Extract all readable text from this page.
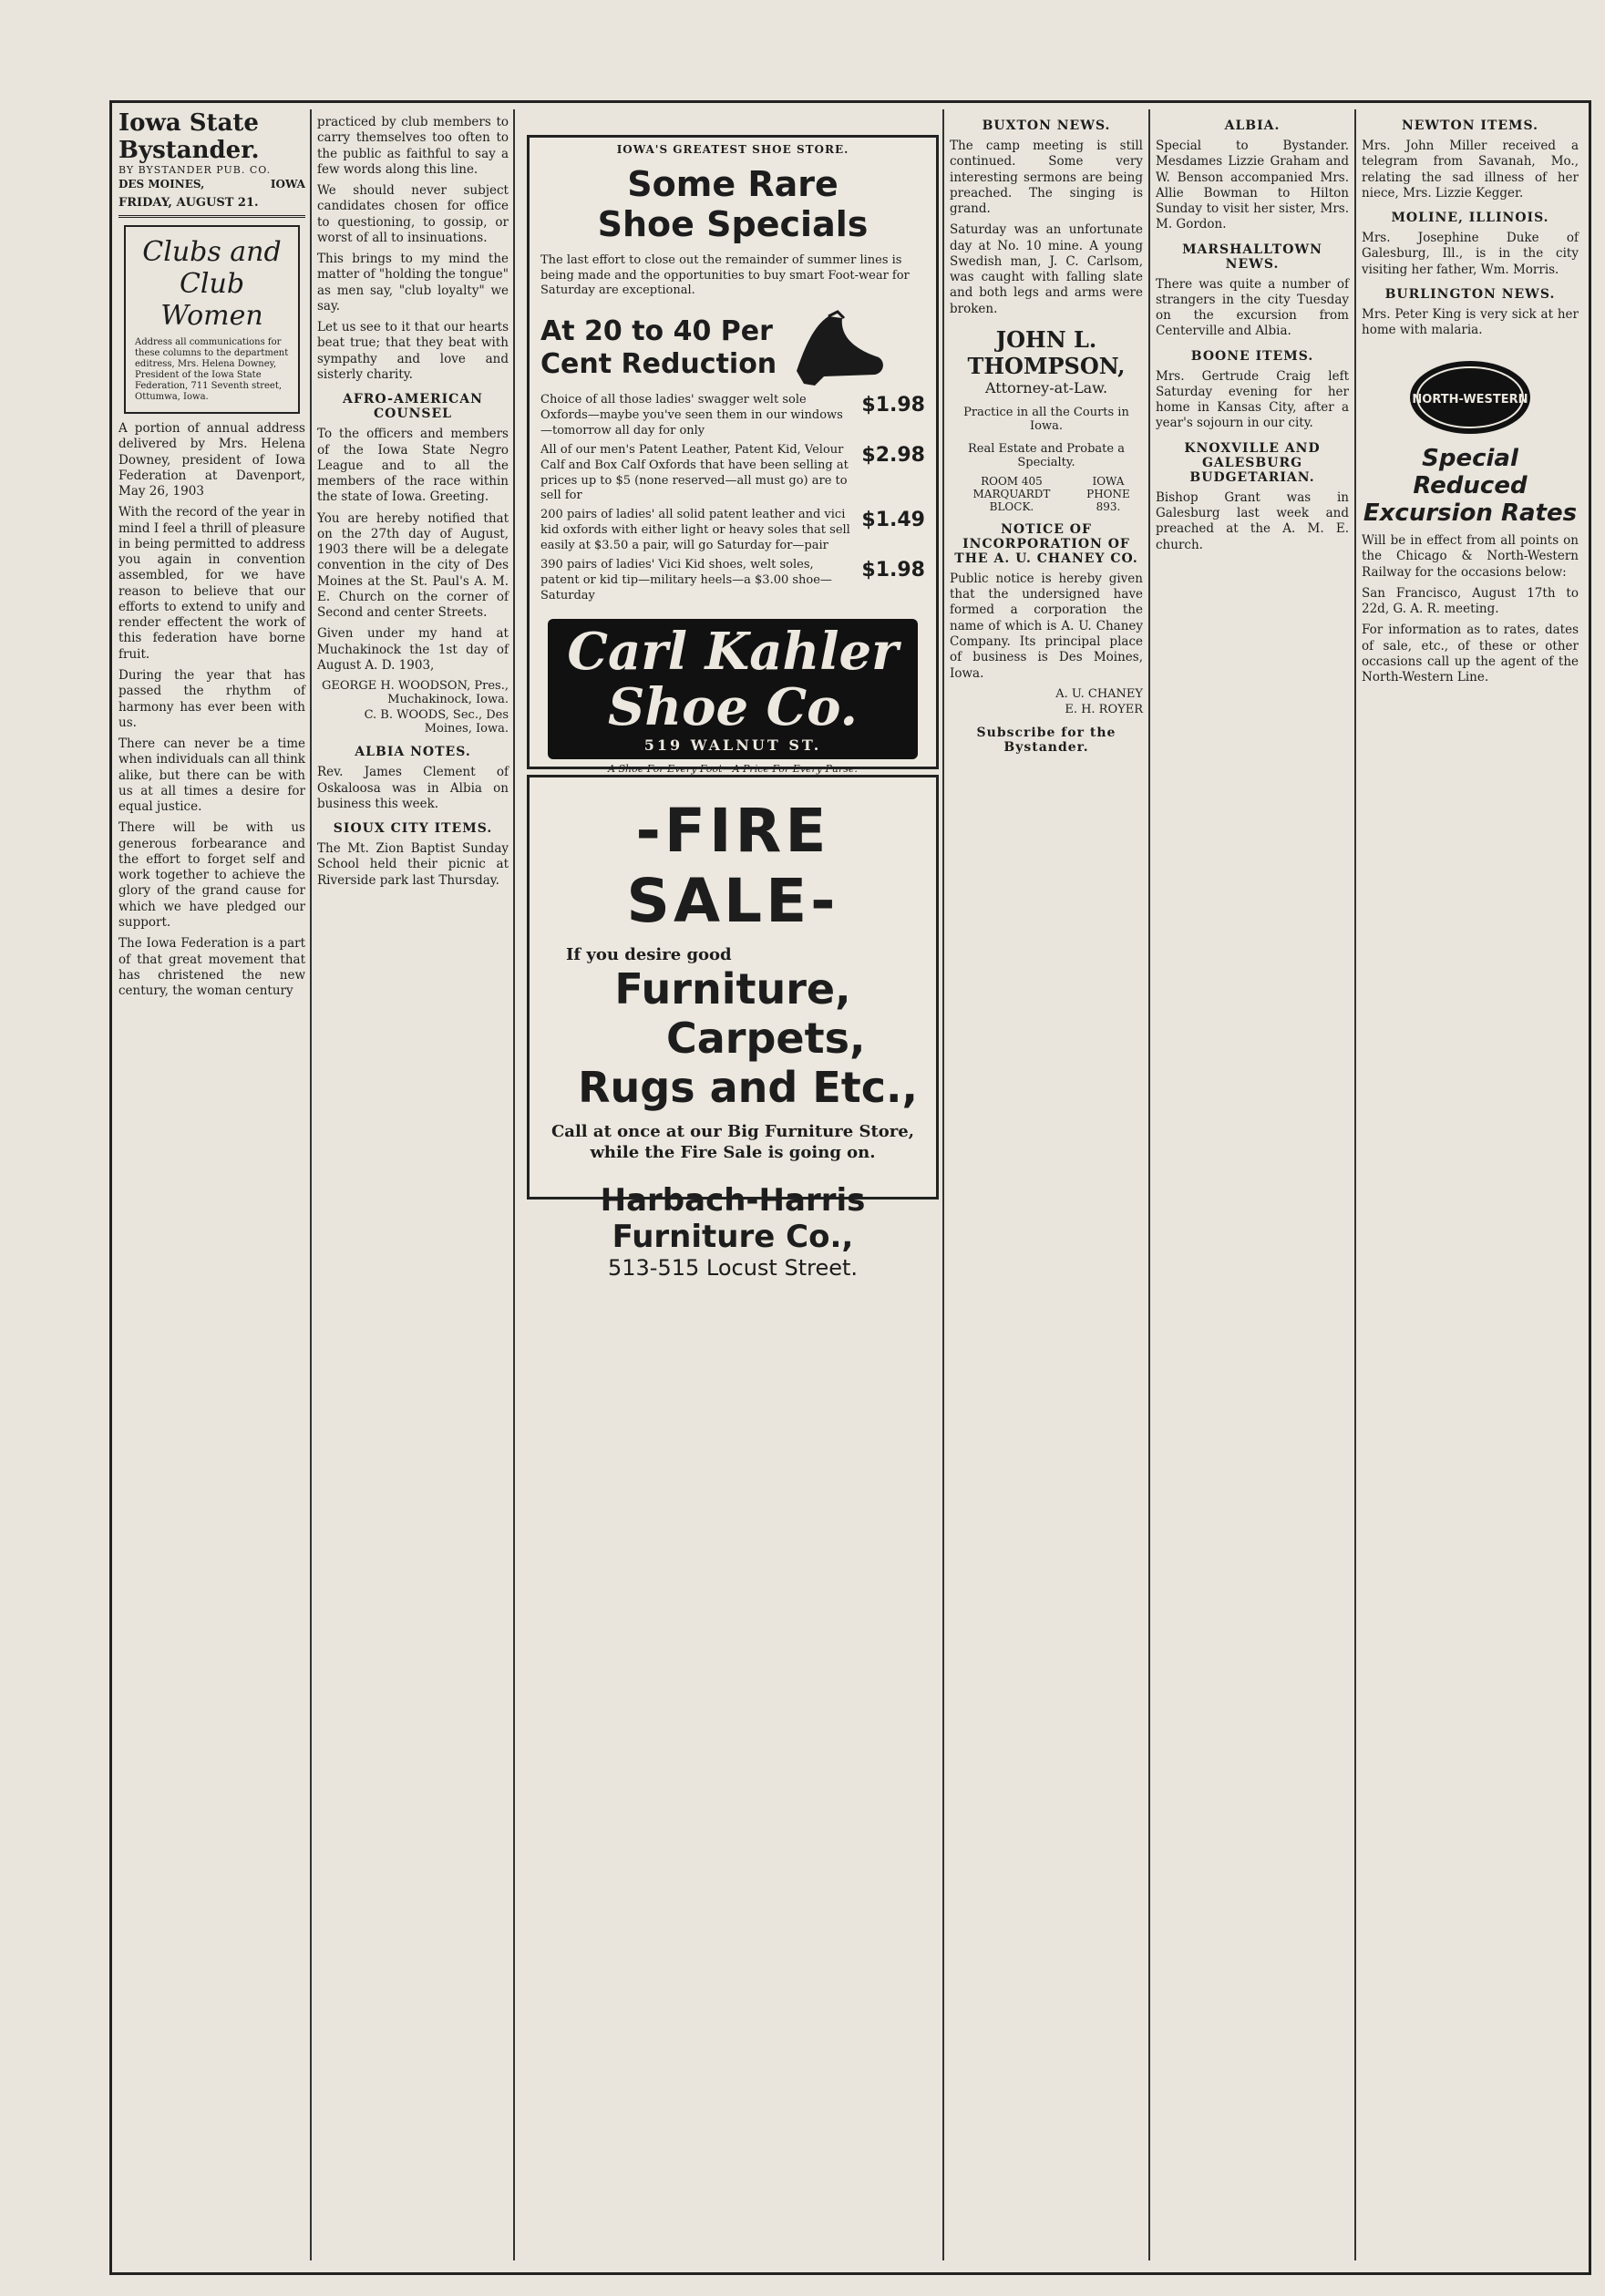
Iowa State Bystander.
BY BYSTANDER PUB. CO.
DES MOINES,	IOWA
FRIDAY, AUGUST 21.
Clubs and Club
Women
Address all communications for these columns to the department editress, Mrs. Helena Downey, President of the Iowa State Federation, 711 Seventh street, Ottumwa, Iowa.

A portion of annual address delivered by Mrs. Helena Downey, president of Iowa Federation at Davenport, May 26, 1903

With the record of the year in mind I feel a thrill of pleasure in being permitted to address you again in convention assembled, for we have reason to believe that our efforts to extend to unify and render effectent the work of this federation have borne fruit.

During the year that has passed the rhythm of harmony has ever been with us.

There can never be a time when individuals can all think alike, but there can be with us at all times a desire for equal justice.

There will be with us generous forbearance and the effort to forget self and work together to achieve the glory of the grand cause for which we have pledged our support.

The Iowa Federation is a part of that great movement that has christened the new century, the woman century

practiced by club members to carry themselves too often to the public as faithful to say a few words along this line.

We should never subject candidates chosen for office to questioning, to gossip, or worst of all to insinuations.

This brings to my mind the matter of "holding the tongue" as men say, "club loyalty" we say.

Let us see to it that our hearts beat true; that they beat with sympathy and love and sisterly charity.

AFRO-AMERICAN COUNSEL

To the officers and members of the Iowa State Negro League and to all the members of the race within the state of Iowa. Greeting.

You are hereby notified that on the 27th day of August, 1903 there will be a delegate convention in the city of Des Moines at the St. Paul's A. M. E. Church on the corner of Second and center Streets.

Given under my hand at Muchakinock the 1st day of August A. D. 1903,

GEORGE H. WOODSON, Pres., Muchakinock, Iowa.
C. B. WOODS, Sec., Des Moines, Iowa.
ALBIA NOTES.

Rev. James Clement of Oskaloosa was in Albia on business this week.

SIOUX CITY ITEMS.

The Mt. Zion Baptist Sunday School held their picnic at Riverside park last Thursday.

IOWA'S GREATEST SHOE STORE.
Some Rare
Shoe Specials
The last effort to close out the remainder of summer lines is being made and the opportunities to buy smart Foot-wear for Saturday are exceptional.
At 20 to 40 Per
Cent Reduction
Choice of all those ladies' swagger welt sole Oxfords—maybe you've seen them in our windows—tomorrow all day for only
$1.98
All of our men's Patent Leather, Patent Kid, Velour Calf and Box Calf Oxfords that have been selling at prices up to $5 (none reserved—all must go) are to sell for
$2.98
200 pairs of ladies' all solid patent leather and vici kid oxfords with either light or heavy soles that sell easily at $3.50 a pair, will go Saturday for—pair
$1.49
390 pairs of ladies' Vici Kid shoes, welt soles, patent or kid tip—military heels—a $3.00 shoe—Saturday
$1.98
Carl Kahler Shoe Co.
519 WALNUT ST.
A Shoe For Every Foot—A Price For Every Purse.
-FIRE SALE-
If you desire good
Furniture,
Carpets,
Rugs and Etc.,
Call at once at our Big Furniture Store, while the Fire Sale is going on.
Harbach-Harris Furniture Co.,
513-515 Locust Street.
BUXTON NEWS.

The camp meeting is still continued. Some very interesting sermons are being preached. The singing is grand.

Saturday was an unfortunate day at No. 10 mine. A young Swedish man, J. C. Carlsom, was caught with falling slate and both legs and arms were broken.

JOHN L. THOMPSON,
Attorney-at-Law.
Practice in all the Courts in Iowa.
Real Estate and Probate a Specialty.
ROOM 405 MARQUARDT BLOCK.
IOWA PHONE 893.
NOTICE OF INCORPORATION OF THE A. U. CHANEY CO.

Public notice is hereby given that the undersigned have formed a corporation the name of which is A. U. Chaney Company. Its principal place of business is Des Moines, Iowa.

A. U. CHANEY
E. H. ROYER
Subscribe for the Bystander.
ALBIA.

Special to Bystander. Mesdames Lizzie Graham and W. Benson accompanied Mrs. Allie Bowman to Hilton Sunday to visit her sister, Mrs. M. Gordon.

MARSHALLTOWN NEWS.

There was quite a number of strangers in the city Tuesday on the excursion from Centerville and Albia.

BOONE ITEMS.

Mrs. Gertrude Craig left Saturday evening for her home in Kansas City, after a year's sojourn in our city.

KNOXVILLE AND GALESBURG BUDGETARIAN.

Bishop Grant was in Galesburg last week and preached at the A. M. E. church.

NEWTON ITEMS.

Mrs. John Miller received a telegram from Savanah, Mo., relating the sad illness of her niece, Mrs. Lizzie Kegger.

MOLINE, ILLINOIS.

Mrs. Josephine Duke of Galesburg, Ill., is in the city visiting her father, Wm. Morris.

BURLINGTON NEWS.

Mrs. Peter King is very sick at her home with malaria.

NORTH-WESTERN
Special Reduced Excursion Rates

Will be in effect from all points on the Chicago & North-Western Railway for the occasions below:

San Francisco, August 17th to 22d, G. A. R. meeting.

For information as to rates, dates of sale, etc., of these or other occasions call up the agent of the North-Western Line.
